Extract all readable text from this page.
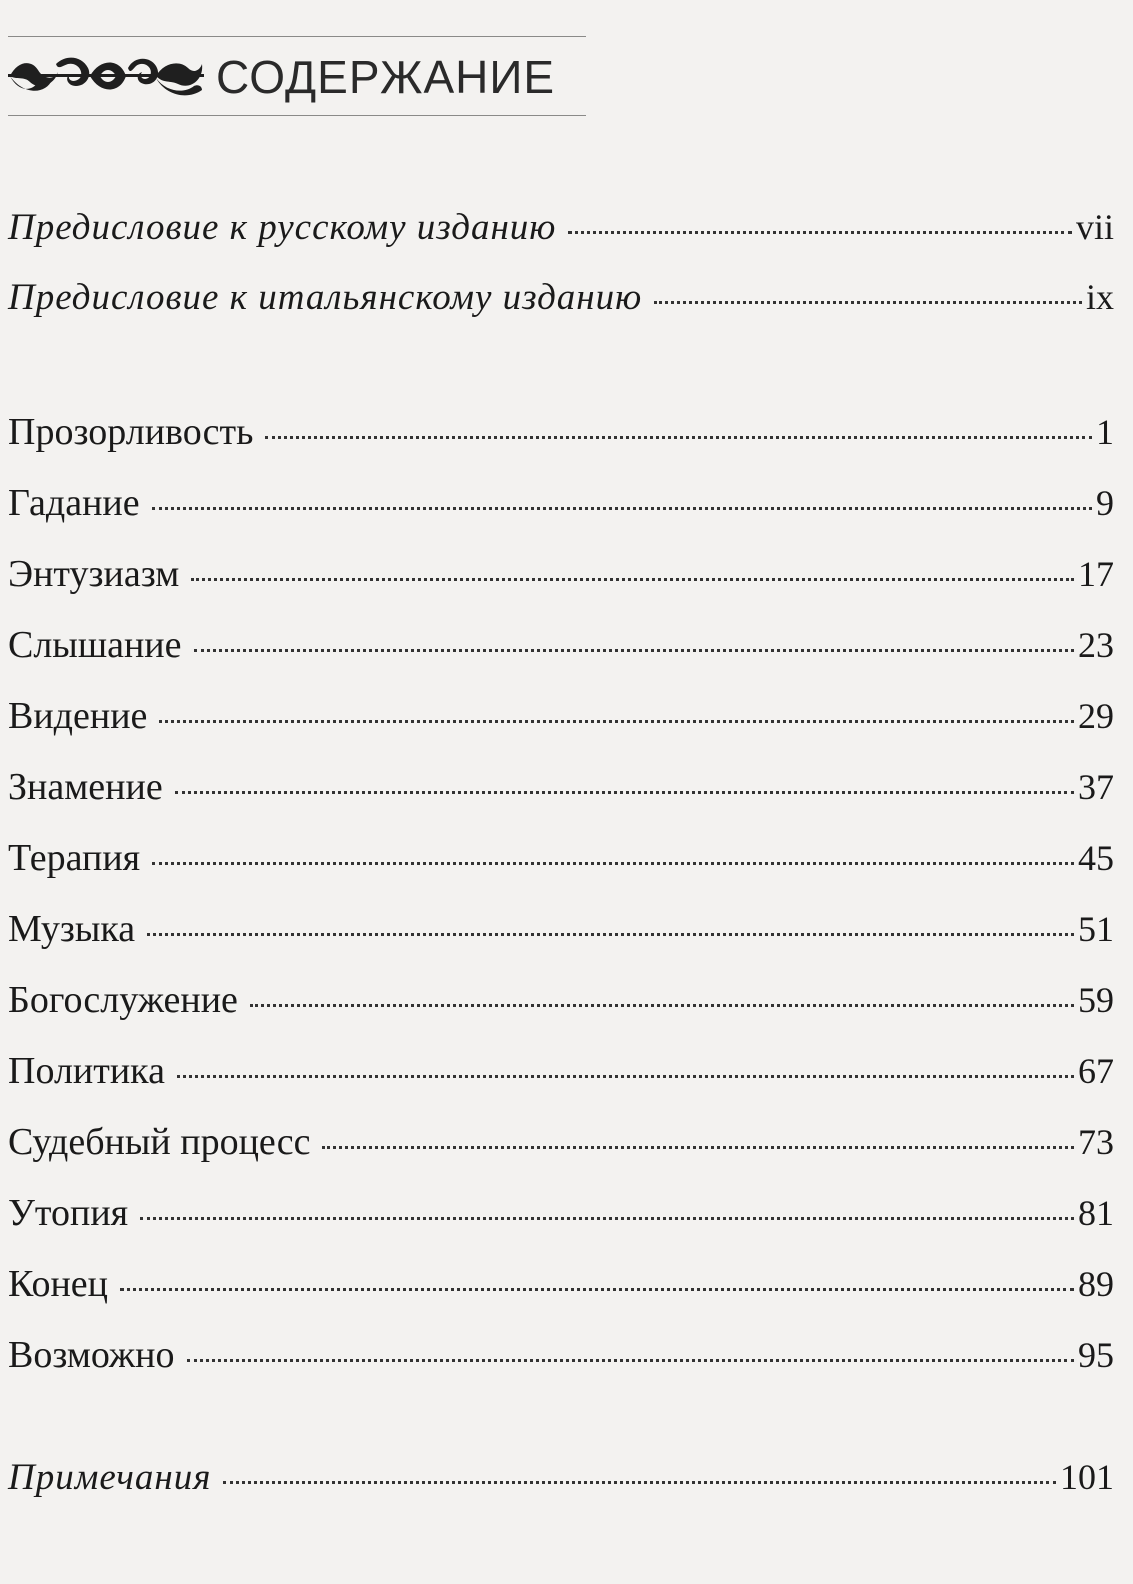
СОДЕРЖАНИЕ
Предисловие к русскому изданию	vii
Предисловие к итальянскому изданию	ix
Прозорливость	1
Гадание	9
Энтузиазм	17
Слышание	23
Видение	29
Знамение	37
Терапия	45
Музыка	51
Богослужение	59
Политика	67
Судебный процесс	73
Утопия	81
Конец	89
Возможно	95
Примечания	101
